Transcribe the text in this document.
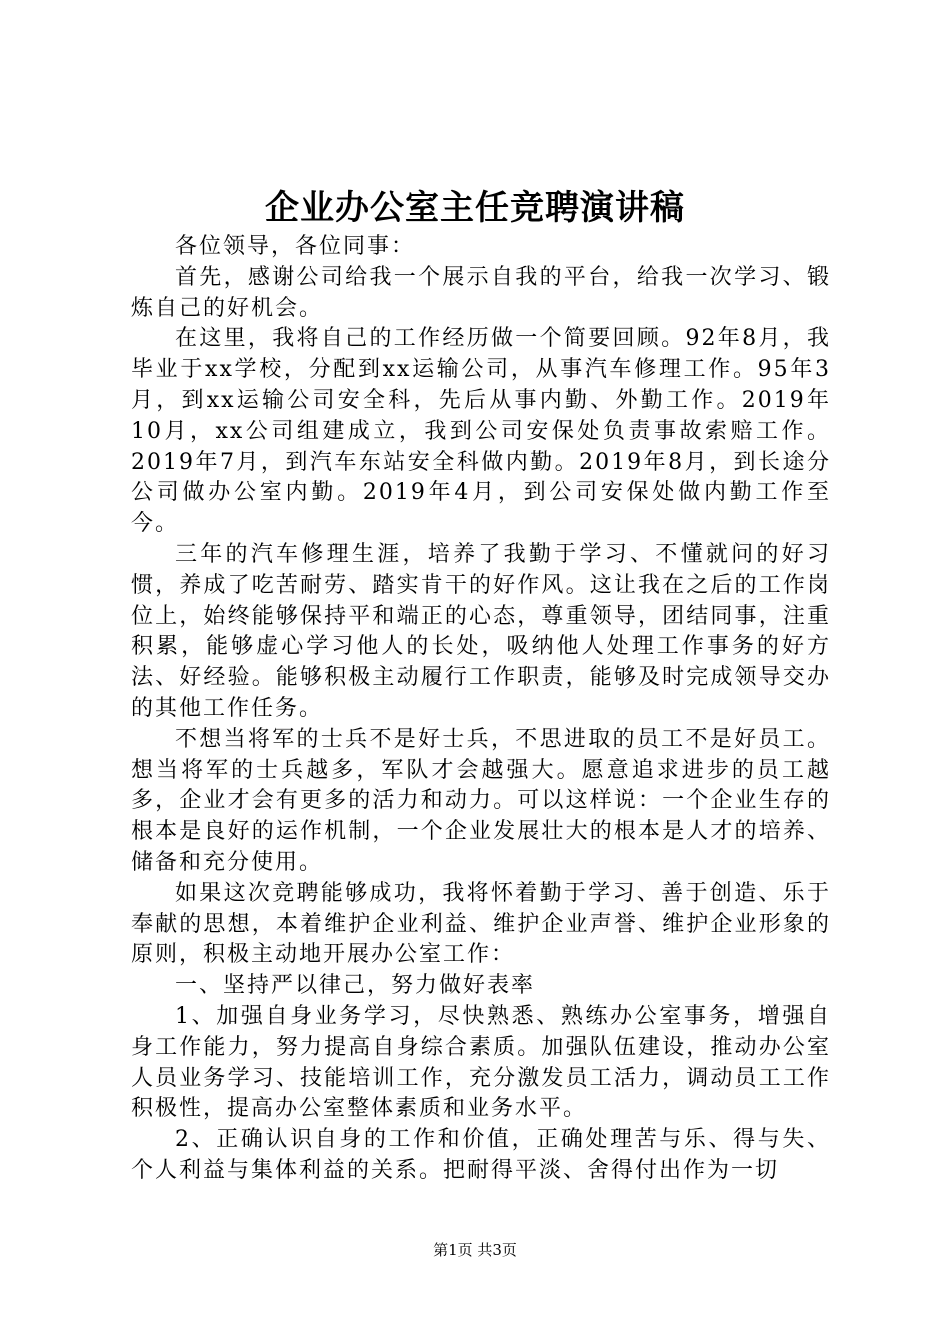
企业办公室主任竞聘演讲稿

各位领导，各位同事：

首先，感谢公司给我一个展示自我的平台，给我一次学习、锻炼自己的好机会。

在这里，我将自己的工作经历做一个简要回顾。92年8月，我毕业于xx学校，分配到xx运输公司，从事汽车修理工作。95年3月，到xx运输公司安全科，先后从事内勤、外勤工作。2019年10月，xx公司组建成立，我到公司安保处负责事故索赔工作。2019年7月，到汽车东站安全科做内勤。2019年8月，到长途分公司做办公室内勤。2019年4月，到公司安保处做内勤工作至今。

三年的汽车修理生涯，培养了我勤于学习、不懂就问的好习惯，养成了吃苦耐劳、踏实肯干的好作风。这让我在之后的工作岗位上，始终能够保持平和端正的心态，尊重领导，团结同事，注重积累，能够虚心学习他人的长处，吸纳他人处理工作事务的好方法、好经验。能够积极主动履行工作职责，能够及时完成领导交办的其他工作任务。

不想当将军的士兵不是好士兵，不思进取的员工不是好员工。想当将军的士兵越多，军队才会越强大。愿意追求进步的员工越多，企业才会有更多的活力和动力。可以这样说：一个企业生存的根本是良好的运作机制，一个企业发展壮大的根本是人才的培养、储备和充分使用。

如果这次竞聘能够成功，我将怀着勤于学习、善于创造、乐于奉献的思想，本着维护企业利益、维护企业声誉、维护企业形象的原则，积极主动地开展办公室工作：

一、坚持严以律己，努力做好表率

1、加强自身业务学习，尽快熟悉、熟练办公室事务，增强自身工作能力，努力提高自身综合素质。加强队伍建设，推动办公室人员业务学习、技能培训工作，充分激发员工活力，调动员工工作积极性，提高办公室整体素质和业务水平。

2、正确认识自身的工作和价值，正确处理苦与乐、得与失、个人利益与集体利益的关系。把耐得平淡、舍得付出作为一切

第1页 共3页
